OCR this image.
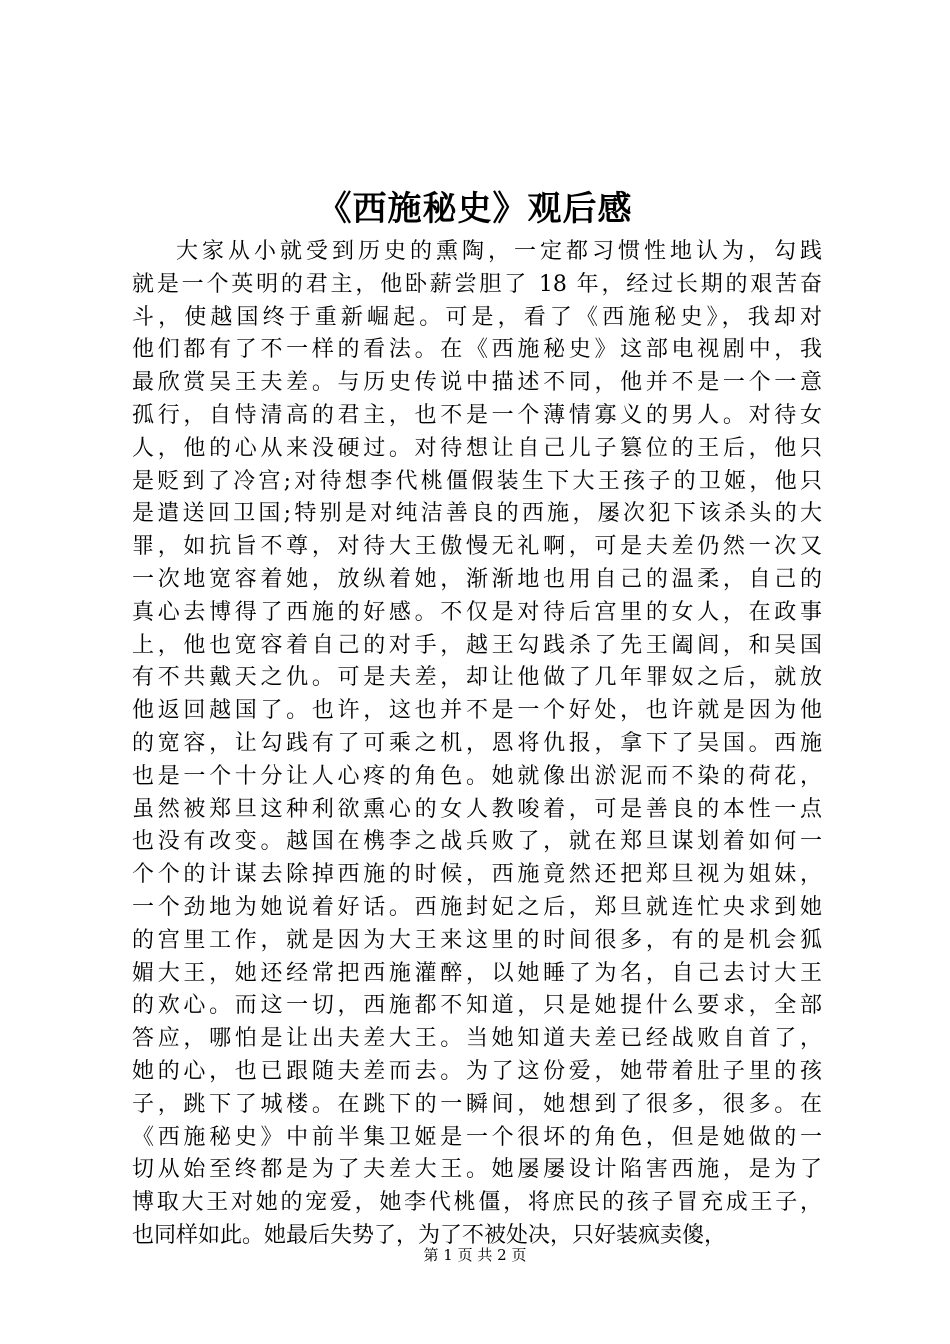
《西施秘史》观后感
大家从小就受到历史的熏陶，一定都习惯性地认为，勾践
就是一个英明的君主，他卧薪尝胆了 18 年，经过长期的艰苦奋
斗，使越国终于重新崛起。可是，看了《西施秘史》，我却对
他们都有了不一样的看法。在《西施秘史》这部电视剧中，我
最欣赏吴王夫差。与历史传说中描述不同，他并不是一个一意
孤行，自恃清高的君主，也不是一个薄情寡义的男人。对待女
人，他的心从来没硬过。对待想让自己儿子篡位的王后，他只
是贬到了冷宫;对待想李代桃僵假装生下大王孩子的卫姬，他只
是遣送回卫国;特别是对纯洁善良的西施，屡次犯下该杀头的大
罪，如抗旨不尊，对待大王傲慢无礼啊，可是夫差仍然一次又
一次地宽容着她，放纵着她，渐渐地也用自己的温柔，自己的
真心去博得了西施的好感。不仅是对待后宫里的女人，在政事
上，他也宽容着自己的对手，越王勾践杀了先王阖闾，和吴国
有不共戴天之仇。可是夫差，却让他做了几年罪奴之后，就放
他返回越国了。也许，这也并不是一个好处，也许就是因为他
的宽容，让勾践有了可乘之机，恩将仇报，拿下了吴国。西施
也是一个十分让人心疼的角色。她就像出淤泥而不染的荷花，
虽然被郑旦这种利欲熏心的女人教唆着，可是善良的本性一点
也没有改变。越国在槜李之战兵败了，就在郑旦谋划着如何一
个个的计谋去除掉西施的时候，西施竟然还把郑旦视为姐妹，
一个劲地为她说着好话。西施封妃之后，郑旦就连忙央求到她
的宫里工作，就是因为大王来这里的时间很多，有的是机会狐
媚大王，她还经常把西施灌醉，以她睡了为名，自己去讨大王
的欢心。而这一切，西施都不知道，只是她提什么要求，全部
答应，哪怕是让出夫差大王。当她知道夫差已经战败自首了，
她的心，也已跟随夫差而去。为了这份爱，她带着肚子里的孩
子，跳下了城楼。在跳下的一瞬间，她想到了很多，很多。在
《西施秘史》中前半集卫姬是一个很坏的角色，但是她做的一
切从始至终都是为了夫差大王。她屡屡设计陷害西施，是为了
博取大王对她的宠爱，她李代桃僵，将庶民的孩子冒充成王子，
也同样如此。她最后失势了，为了不被处决，只好装疯卖傻，
第 1 页 共 2 页
